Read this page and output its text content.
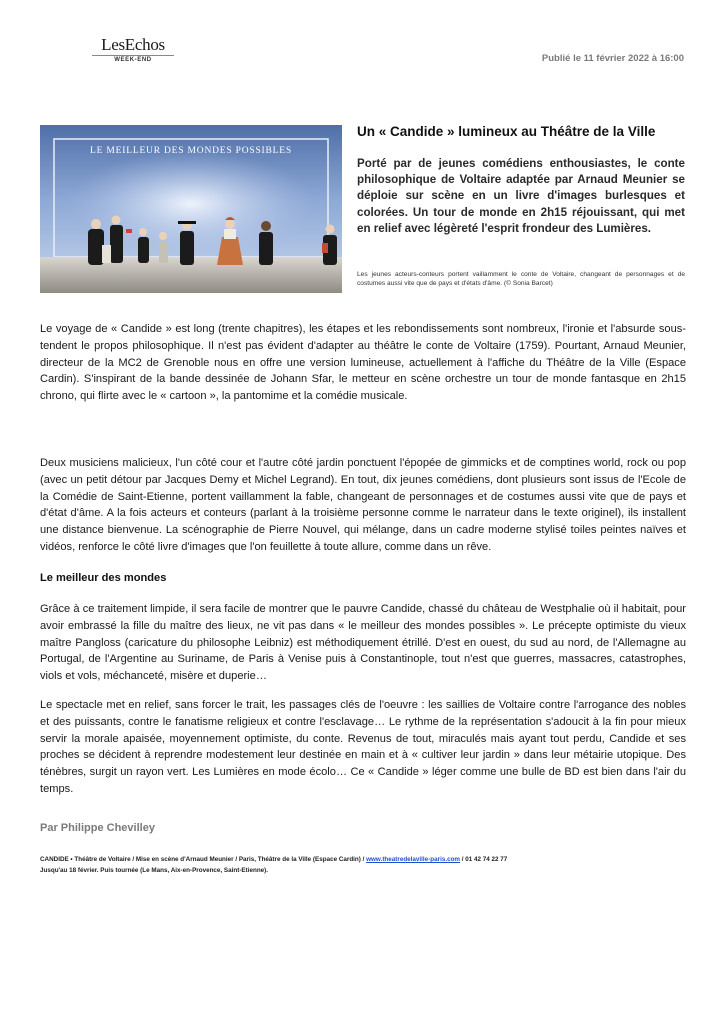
LesEchos
WEEK-END	Publié le 11 février 2022 à 16:00
LE MEILLEUR DES MONDES POSSIBLES
Un « Candide » lumineux au Théâtre de la Ville
Porté par de jeunes comédiens enthousiastes, le conte philosophique de Voltaire adaptée par Arnaud Meunier se déploie sur scène en un livre d'images burlesques et colorées. Un tour de monde en 2h15 réjouissant, qui met en relief avec légèreté l'esprit frondeur des Lumières.
Les jeunes acteurs-conteurs portent vaillamment le conte de Voltaire, changeant de personnages et de costumes aussi vite que de pays et d'états d'âme. (© Sonia Barcet)

Le voyage de « Candide » est long (trente chapitres), les étapes et les rebondissements sont nombreux, l'ironie et l'absurde sous-tendent le propos philosophique. Il n'est pas évident d'adapter au théâtre le conte de Voltaire (1759). Pourtant, Arnaud Meunier, directeur de la MC2 de Grenoble nous en offre une version lumineuse, actuellement à l'affiche du Théâtre de la Ville (Espace Cardin). S'inspirant de la bande dessinée de Johann Sfar, le metteur en scène orchestre un tour de monde fantasque en 2h15 chrono, qui flirte avec le « cartoon », la pantomime et la comédie musicale.

Deux musiciens malicieux, l'un côté cour et l'autre côté jardin ponctuent l'épopée de gimmicks et de comptines world, rock ou pop (avec un petit détour par Jacques Demy et Michel Legrand). En tout, dix jeunes comédiens, dont plusieurs sont issus de l'Ecole de la Comédie de Saint-Etienne, portent vaillamment la fable, changeant de personnages et de costumes aussi vite que de pays et d'état d'âme. A la fois acteurs et conteurs (parlant à la troisième personne comme le narrateur dans le texte originel), ils installent une distance bienvenue. La scénographie de Pierre Nouvel, qui mélange, dans un cadre moderne stylisé toiles peintes naïves et vidéos, renforce le côté livre d'images que l'on feuillette à toute allure, comme dans un rêve.

Le meilleur des mondes

Grâce à ce traitement limpide, il sera facile de montrer que le pauvre Candide, chassé du château de Westphalie où il habitait, pour avoir embrassé la fille du maître des lieux, ne vit pas dans « le meilleur des mondes possibles ». Le précepte optimiste du vieux maître Pangloss (caricature du philosophe Leibniz) est méthodiquement étrillé. D'est en ouest, du sud au nord, de l'Allemagne au Portugal, de l'Argentine au Suriname, de Paris à Venise puis à Constantinople, tout n'est que guerres, massacres, catastrophes, viols et vols, méchanceté, misère et duperie…

Le spectacle met en relief, sans forcer le trait, les passages clés de l'oeuvre : les saillies de Voltaire contre l'arrogance des nobles et des puissants, contre le fanatisme religieux et contre l'esclavage… Le rythme de la représentation s'adoucit à la fin pour mieux servir la morale apaisée, moyennement optimiste, du conte. Revenus de tout, miraculés mais ayant tout perdu, Candide et ses proches se décident à reprendre modestement leur destinée en main et à « cultiver leur jardin » dans leur métairie utopique. Des ténèbres, surgit un rayon vert. Les Lumières en mode écolo… Ce « Candide » léger comme une bulle de BD est bien dans l'air du temps.

Par Philippe Chevilley
CANDIDE • Théâtre de Voltaire / Mise en scène d'Arnaud Meunier / Paris, Théâtre de la Ville (Espace Cardin) / www.theatredelaville-paris.com / 01 42 74 22 77
Jusqu'au 18 février. Puis tournée (Le Mans, Aix-en-Provence, Saint-Etienne).
